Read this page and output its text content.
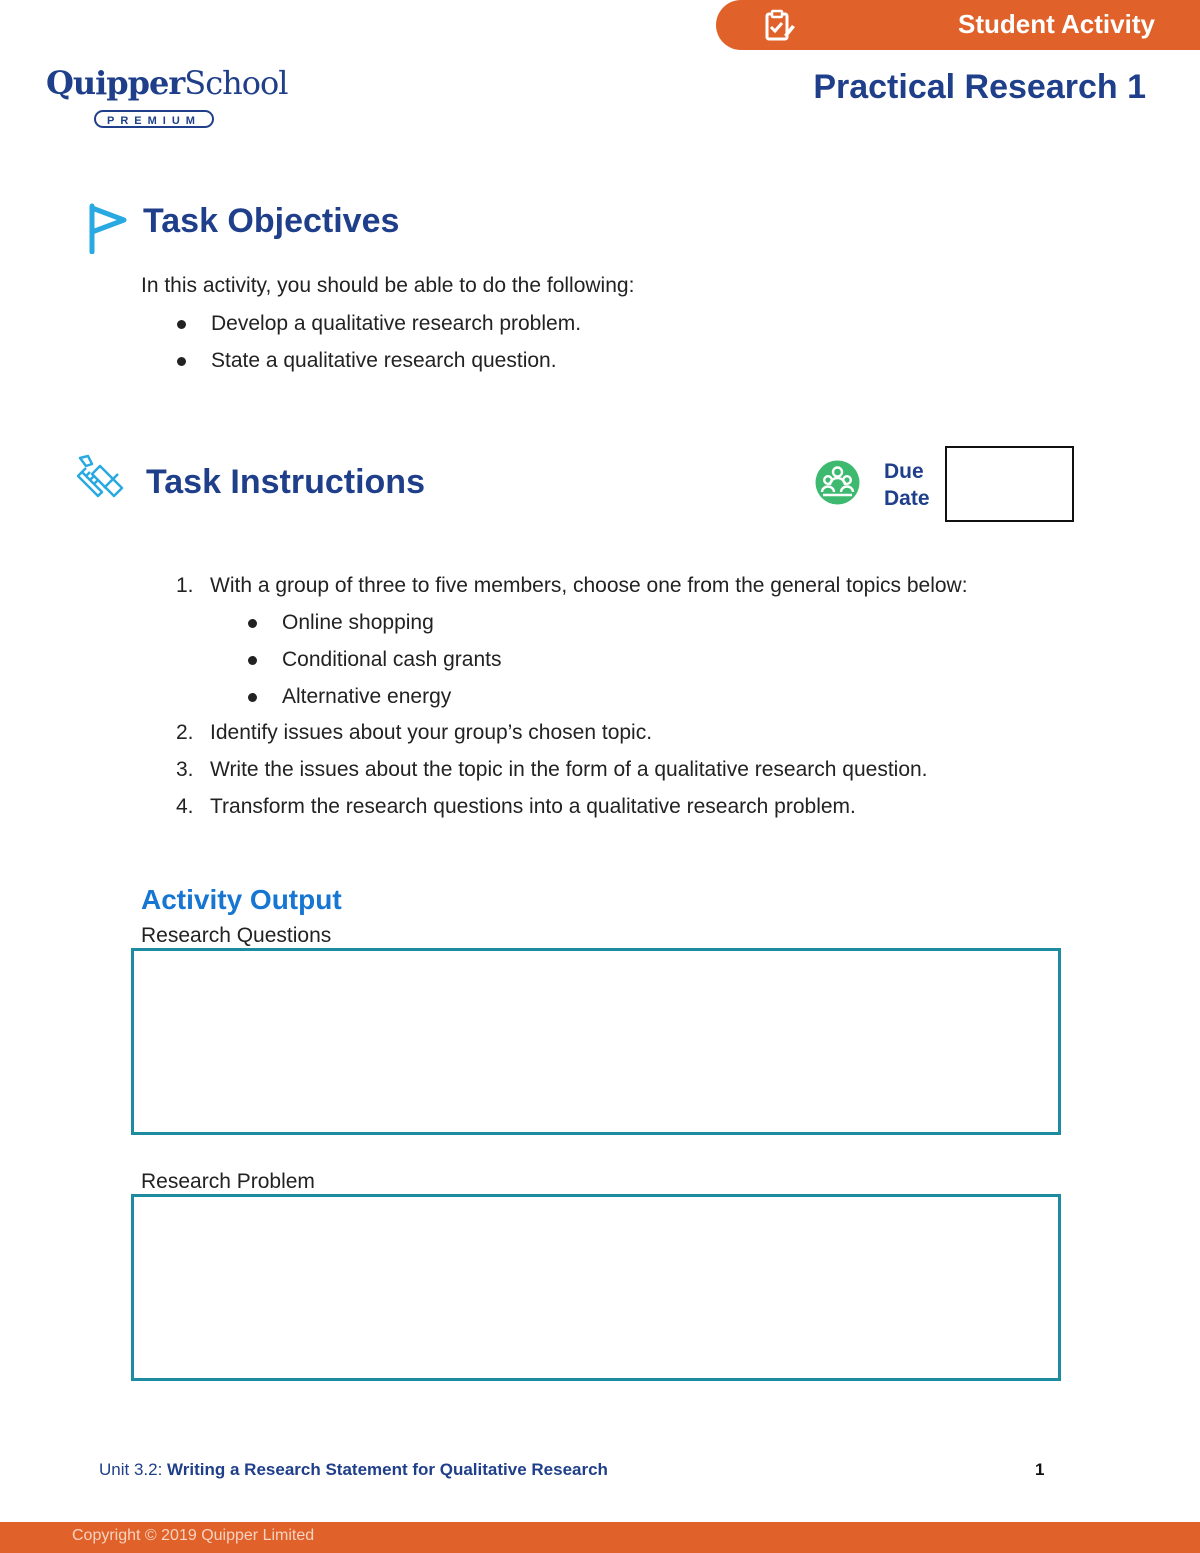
Student Activity
QuipperSchool
PREMIUM
Practical Research 1
Task Objectives
In this activity, you should be able to do the following:
Develop a qualitative research problem.
State a qualitative research question.
Task Instructions	Due
Date
1. With a group of three to five members, choose one from the general topics below:
Online shopping
Conditional cash grants
Alternative energy
2. Identify issues about your group’s chosen topic.
3. Write the issues about the topic in the form of a qualitative research question.
4. Transform the research questions into a qualitative research problem.
Activity Output
Research Questions
Research Problem
Unit 3.2: Writing a Research Statement for Qualitative Research	1
Copyright © 2019 Quipper Limited
